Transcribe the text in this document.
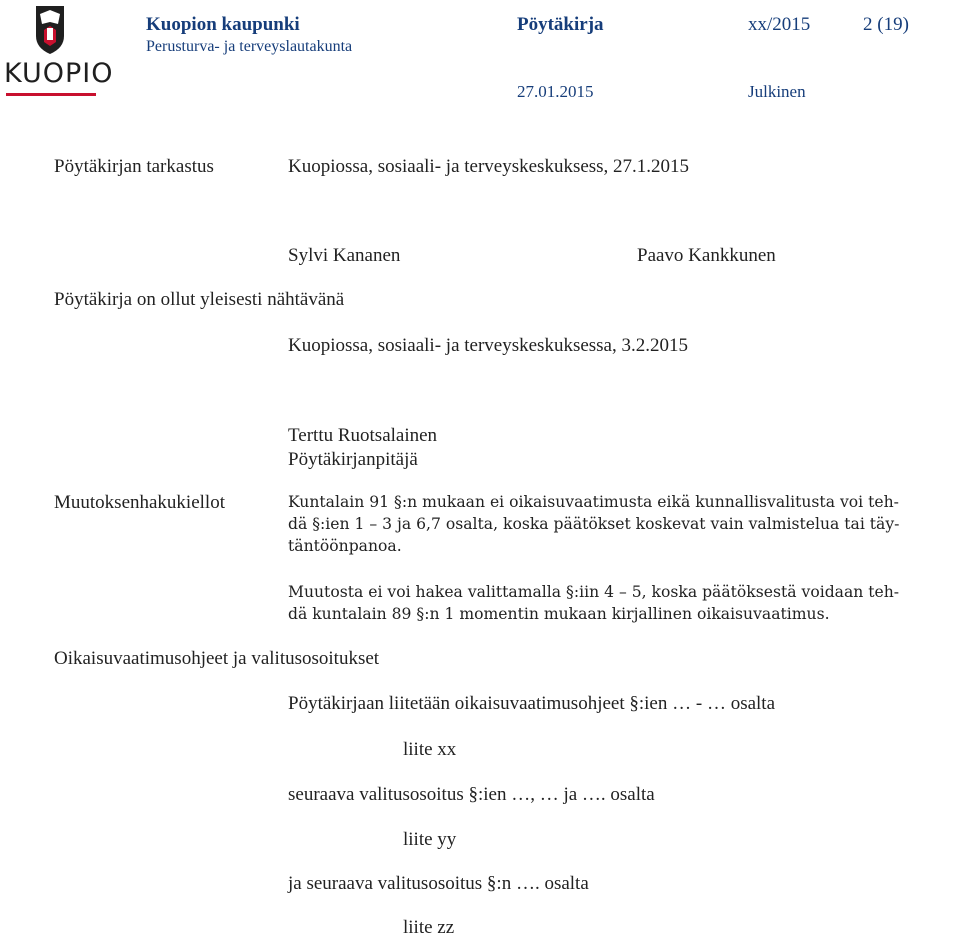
KUOPIO
Kuopion kaupunki
Perusturva- ja terveyslautakunta
Pöytäkirja	xx/2015	2 (19)
27.01.2015	Julkinen
Pöytäkirjan tarkastus	Kuopiossa, sosiaali- ja terveyskeskuksess, 27.1.2015
Sylvi Kananen	Paavo Kankkunen
Pöytäkirja on ollut yleisesti nähtävänä
Kuopiossa, sosiaali- ja terveyskeskuksessa, 3.2.2015
Terttu Ruotsalainen
Pöytäkirjanpitäjä
Muutoksenhakukiellot	Kuntalain 91 §:n mukaan ei oikaisuvaatimusta eikä kunnallisvalitusta voi teh-
dä §:ien 1 – 3 ja 6,7 osalta, koska päätökset koskevat vain valmistelua tai täy-
täntöönpanoa.
Muutosta ei voi hakea valittamalla §:iin 4 – 5, koska päätöksestä voidaan teh-
dä kuntalain 89 §:n 1 momentin mukaan kirjallinen oikaisuvaatimus.
Oikaisuvaatimusohjeet ja valitusosoitukset
Pöytäkirjaan liitetään oikaisuvaatimusohjeet §:ien … - … osalta
liite xx
seuraava valitusosoitus §:ien …, … ja …. osalta
liite yy
ja seuraava valitusosoitus §:n …. osalta
liite zz
